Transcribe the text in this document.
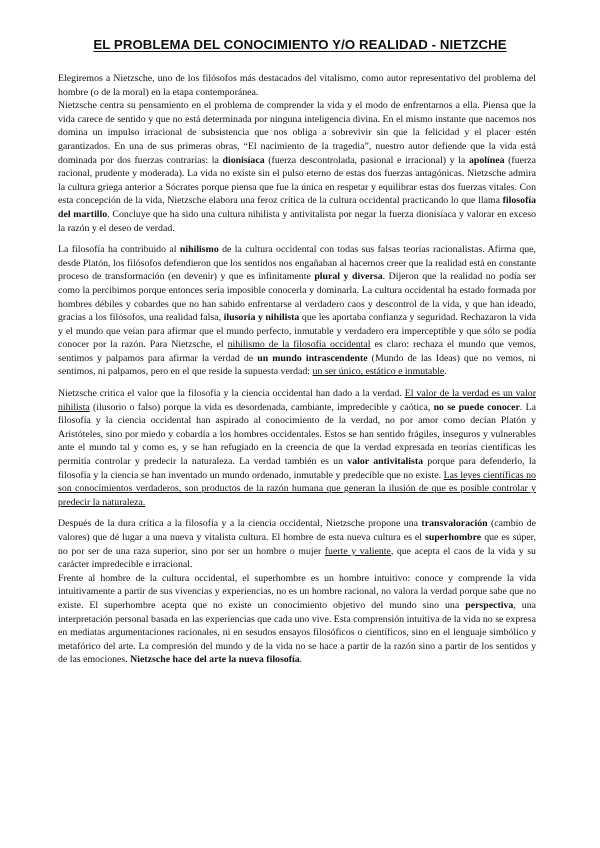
EL PROBLEMA DEL CONOCIMIENTO Y/O REALIDAD - NIETZCHE

Elegiremos a Nietzsche, uno de los filósofos más destacados del vitalismo, como autor representativo del problema del hombre (o de la moral) en la etapa contemporánea.

Nietzsche centra su pensamiento en el problema de comprender la vida y el modo de enfrentarnos a ella. Piensa que la vida carece de sentido y que no está determinada por ninguna inteligencia divina. En el mismo instante que nacemos nos domina un impulso irracional de subsistencia que nos obliga a sobrevivir sin que la felicidad y el placer estén garantizados. En una de sus primeras obras, “El nacimiento de la tragedia”, nuestro autor defiende que la vida está dominada por dos fuerzas contrarias: la dionisíaca (fuerza descontrolada, pasional e irracional) y la apolínea (fuerza racional, prudente y moderada). La vida no existe sin el pulso eterno de estas dos fuerzas antagónicas. Nietzsche admira la cultura griega anterior a Sócrates porque piensa que fue la única en respetar y equilibrar estas dos fuerzas vitales. Con esta concepción de la vida, Nietzsche elabora una feroz crítica de la cultura occidental practicando lo que llama filosofía del martillo. Concluye que ha sido una cultura nihilista y antivitalista por negar la fuerza dionisíaca y valorar en exceso la razón y el deseo de verdad.

La filosofía ha contribuido al nihilismo de la cultura occidental con todas sus falsas teorías racionalistas. Afirma que, desde Platón, los filósofos defendieron que los sentidos nos engañaban al hacernos creer que la realidad está en constante proceso de transformación (en devenir) y que es infinitamente plural y diversa. Dijeron que la realidad no podía ser como la percibimos porque entonces sería imposible conocerla y dominarla. La cultura occidental ha estado formada por hombres débiles y cobardes que no han sabido enfrentarse al verdadero caos y descontrol de la vida, y que han ideado, gracias a los filósofos, una realidad falsa, ilusoria y nihilista que les aportaba confianza y seguridad. Rechazaron la vida y el mundo que veían para afirmar que el mundo perfecto, inmutable y verdadero era imperceptible y que sólo se podía conocer por la razón. Para Nietzsche, el nihilismo de la filosofía occidental es claro: rechaza el mundo que vemos, sentimos y palpamos para afirmar la verdad de un mundo intrascendente (Mundo de las Ideas) que no vemos, ni sentimos, ni palpamos, pero en el que reside la supuesta verdad: un ser único, estático e inmutable.

Nietzsche critica el valor que la filosofía y la ciencia occidental han dado a la verdad. El valor de la verdad es un valor nihilista (ilusorio o falso) porque la vida es desordenada, cambiante, impredecible y caótica, no se puede conocer. La filosofía y la ciencia occidental han aspirado al conocimiento de la verdad, no por amor como decían Platón y Aristóteles, sino por miedo y cobardía a los hombres occidentales. Estos se han sentido frágiles, inseguros y vulnerables ante el mundo tal y como es, y se han refugiado en la creencia de que la verdad expresada en teorías científicas les permitía controlar y predecir la naturaleza. La verdad también es un valor antivitalista porque para defenderlo, la filosofía y la ciencia se han inventado un mundo ordenado, inmutable y predecible que no existe. Las leyes científicas no son conocimientos verdaderos, son productos de la razón humana que generan la ilusión de que es posible controlar y predecir la naturaleza.

Después de la dura crítica a la filosofía y a la ciencia occidental, Nietzsche propone una transvaloración (cambio de valores) que dé lugar a una nueva y vitalista cultura. El hombre de esta nueva cultura es el superhombre que es súper, no por ser de una raza superior, sino por ser un hombre o mujer fuerte y valiente, que acepta el caos de la vida y su carácter impredecible e irracional.

Frente al hombre de la cultura occidental, el superhombre es un hombre intuitivo: conoce y comprende la vida intuitivamente a partir de sus vivencias y experiencias, no es un hombre racional, no valora la verdad porque sabe que no existe. El superhombre acepta que no existe un conocimiento objetivo del mundo sino una perspectiva, una interpretación personal basada en las experiencias que cada uno vive. Esta comprensión intuitiva de la vida no se expresa en mediatas argumentaciones racionales, ni en sesudos ensayos filosóficos o científicos, sino en el lenguaje simbólico y metafórico del arte. La compresión del mundo y de la vida no se hace a partir de la razón sino a partir de los sentidos y de las emociones. Nietzsche hace del arte la nueva filosofía.
